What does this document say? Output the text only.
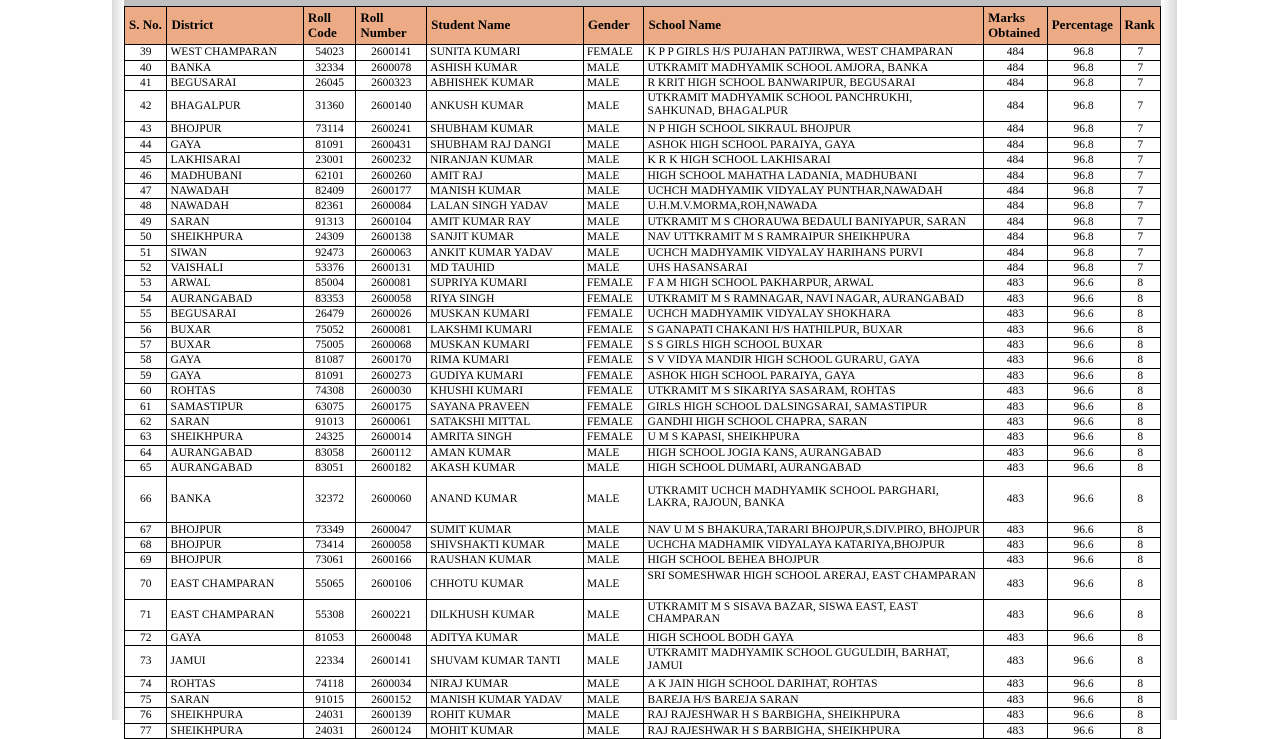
S. No.	District	Roll Code	Roll Number	Student Name	Gender	School Name	Marks Obtained	Percentage	Rank
39	WEST CHAMPARAN	54023	2600141	SUNITA KUMARI	FEMALE	K P P GIRLS H/S PUJAHAN PATJIRWA, WEST CHAMPARAN	484	96.8	7
40	BANKA	32334	2600078	ASHISH KUMAR	MALE	UTKRAMIT MADHYAMIK SCHOOL AMJORA, BANKA	484	96.8	7
41	BEGUSARAI	26045	2600323	ABHISHEK KUMAR	MALE	R KRIT HIGH SCHOOL BANWARIPUR, BEGUSARAI	484	96.8	7
42	BHAGALPUR	31360	2600140	ANKUSH KUMAR	MALE	UTKRAMIT MADHYAMIK SCHOOL PANCHRUKHI, SAHKUNAD, BHAGALPUR	484	96.8	7
43	BHOJPUR	73114	2600241	SHUBHAM KUMAR	MALE	N P HIGH SCHOOL SIKRAUL BHOJPUR	484	96.8	7
44	GAYA	81091	2600431	SHUBHAM RAJ DANGI	MALE	ASHOK HIGH SCHOOL PARAIYA, GAYA	484	96.8	7
45	LAKHISARAI	23001	2600232	NIRANJAN KUMAR	MALE	K R K HIGH SCHOOL LAKHISARAI	484	96.8	7
46	MADHUBANI	62101	2600260	AMIT RAJ	MALE	HIGH SCHOOL MAHATHA LADANIA, MADHUBANI	484	96.8	7
47	NAWADAH	82409	2600177	MANISH KUMAR	MALE	UCHCH MADHYAMIK VIDYALAY PUNTHAR,NAWADAH	484	96.8	7
48	NAWADAH	82361	2600084	LALAN SINGH YADAV	MALE	U.H.M.V.MORMA,ROH,NAWADA	484	96.8	7
49	SARAN	91313	2600104	AMIT KUMAR RAY	MALE	UTKRAMIT M S CHORAUWA BEDAULI BANIYAPUR, SARAN	484	96.8	7
50	SHEIKHPURA	24309	2600138	SANJIT KUMAR	MALE	NAV UTTKRAMIT M S RAMRAIPUR SHEIKHPURA	484	96.8	7
51	SIWAN	92473	2600063	ANKIT KUMAR YADAV	MALE	UCHCH MADHYAMIK VIDYALAY HARIHANS PURVI	484	96.8	7
52	VAISHALI	53376	2600131	MD TAUHID	MALE	UHS HASANSARAI	484	96.8	7
53	ARWAL	85004	2600081	SUPRIYA KUMARI	FEMALE	F A M HIGH SCHOOL PAKHARPUR, ARWAL	483	96.6	8
54	AURANGABAD	83353	2600058	RIYA SINGH	FEMALE	UTKRAMIT M S RAMNAGAR, NAVI NAGAR, AURANGABAD	483	96.6	8
55	BEGUSARAI	26479	2600026	MUSKAN KUMARI	FEMALE	UCHCH MADHYAMIK VIDYALAY SHOKHARA	483	96.6	8
56	BUXAR	75052	2600081	LAKSHMI KUMARI	FEMALE	S GANAPATI CHAKANI H/S HATHILPUR, BUXAR	483	96.6	8
57	BUXAR	75005	2600068	MUSKAN KUMARI	FEMALE	S S GIRLS HIGH SCHOOL BUXAR	483	96.6	8
58	GAYA	81087	2600170	RIMA KUMARI	FEMALE	S V VIDYA MANDIR HIGH SCHOOL GURARU, GAYA	483	96.6	8
59	GAYA	81091	2600273	GUDIYA KUMARI	FEMALE	ASHOK HIGH SCHOOL PARAIYA, GAYA	483	96.6	8
60	ROHTAS	74308	2600030	KHUSHI KUMARI	FEMALE	UTKRAMIT M S SIKARIYA SASARAM, ROHTAS	483	96.6	8
61	SAMASTIPUR	63075	2600175	SAYANA PRAVEEN	FEMALE	GIRLS HIGH SCHOOL DALSINGSARAI, SAMASTIPUR	483	96.6	8
62	SARAN	91013	2600061	SATAKSHI MITTAL	FEMALE	GANDHI HIGH SCHOOL CHAPRA, SARAN	483	96.6	8
63	SHEIKHPURA	24325	2600014	AMRITA SINGH	FEMALE	U M S KAPASI, SHEIKHPURA	483	96.6	8
64	AURANGABAD	83058	2600112	AMAN KUMAR	MALE	HIGH SCHOOL JOGIA KANS, AURANGABAD	483	96.6	8
65	AURANGABAD	83051	2600182	AKASH KUMAR	MALE	HIGH SCHOOL DUMARI, AURANGABAD	483	96.6	8
66	BANKA	32372	2600060	ANAND KUMAR	MALE	UTKRAMIT UCHCH MADHYAMIK SCHOOL PARGHARI, LAKRA, RAJOUN, BANKA	483	96.6	8
67	BHOJPUR	73349	2600047	SUMIT KUMAR	MALE	NAV U M S BHAKURA,TARARI BHOJPUR,S.DIV.PIRO, BHOJPUR	483	96.6	8
68	BHOJPUR	73414	2600058	SHIVSHAKTI KUMAR	MALE	UCHCHA MADHAMIK VIDYALAYA KATARIYA,BHOJPUR	483	96.6	8
69	BHOJPUR	73061	2600166	RAUSHAN KUMAR	MALE	HIGH SCHOOL BEHEA BHOJPUR	483	96.6	8
70	EAST CHAMPARAN	55065	2600106	CHHOTU KUMAR	MALE	SRI SOMESHWAR HIGH SCHOOL ARERAJ, EAST CHAMPARAN	483	96.6	8
71	EAST CHAMPARAN	55308	2600221	DILKHUSH KUMAR	MALE	UTKRAMIT M S SISAVA BAZAR, SISWA EAST, EAST CHAMPARAN	483	96.6	8
72	GAYA	81053	2600048	ADITYA KUMAR	MALE	HIGH SCHOOL BODH GAYA	483	96.6	8
73	JAMUI	22334	2600141	SHUVAM KUMAR TANTI	MALE	UTKRAMIT MADHYAMIK SCHOOL GUGULDIH, BARHAT, JAMUI	483	96.6	8
74	ROHTAS	74118	2600034	NIRAJ KUMAR	MALE	A K JAIN HIGH SCHOOL DARIHAT, ROHTAS	483	96.6	8
75	SARAN	91015	2600152	MANISH KUMAR YADAV	MALE	BAREJA H/S BAREJA SARAN	483	96.6	8
76	SHEIKHPURA	24031	2600139	ROHIT KUMAR	MALE	RAJ RAJESHWAR H S BARBIGHA, SHEIKHPURA	483	96.6	8
77	SHEIKHPURA	24031	2600124	MOHIT KUMAR	MALE	RAJ RAJESHWAR H S BARBIGHA, SHEIKHPURA	483	96.6	8
